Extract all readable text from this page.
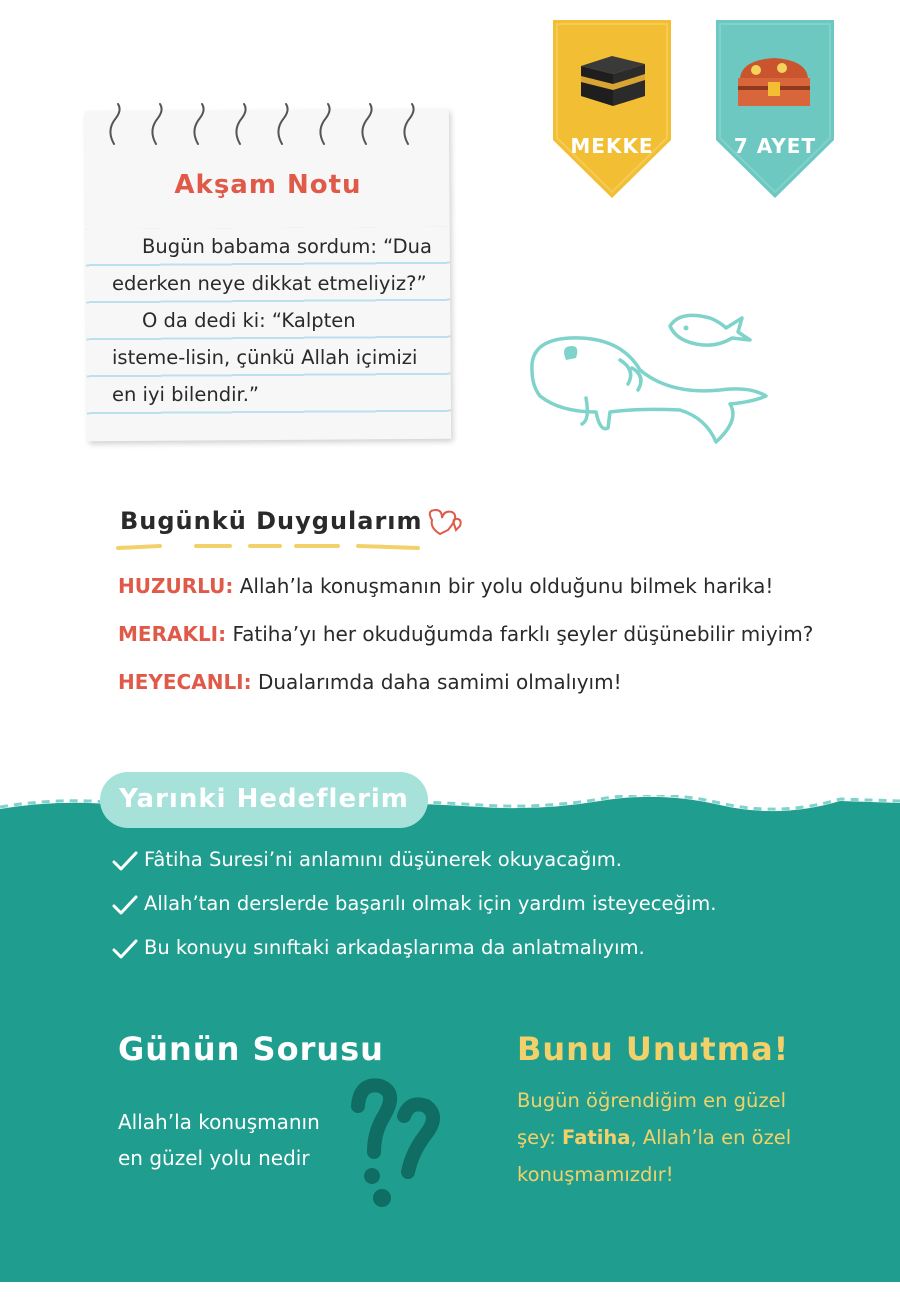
MEKKE	7 AYET
Akşam Notu

Bugün babama sordum: “Dua ederken neye dikkat etmeliyiz?”

O da dedi ki: “Kalpten isteme-lisin, çünkü Allah içimizi en iyi bilendir.”

Bugünkü Duygularım
HUZURLU: Allah’la konuşmanın bir yolu olduğunu bilmek harika!
MERAKLI: Fatiha’yı her okuduğumda farklı şeyler düşünebilir miyim?
HEYECANLI: Dualarımda daha samimi olmalıyım!
Yarınki Hedeflerim
Fâtiha Suresi’ni anlamını düşünerek okuyacağım.
Allah’tan derslerde başarılı olmak için yardım isteyeceğim.
Bu konuyu sınıftaki arkadaşlarıma da anlatmalıyım.
Günün Sorusu
Allah’la konuşmanın
en güzel yolu nedir
Bunu Unutma!
Bugün öğrendiğim en güzel şey: Fatiha, Allah’la en özel konuşmamızdır!
